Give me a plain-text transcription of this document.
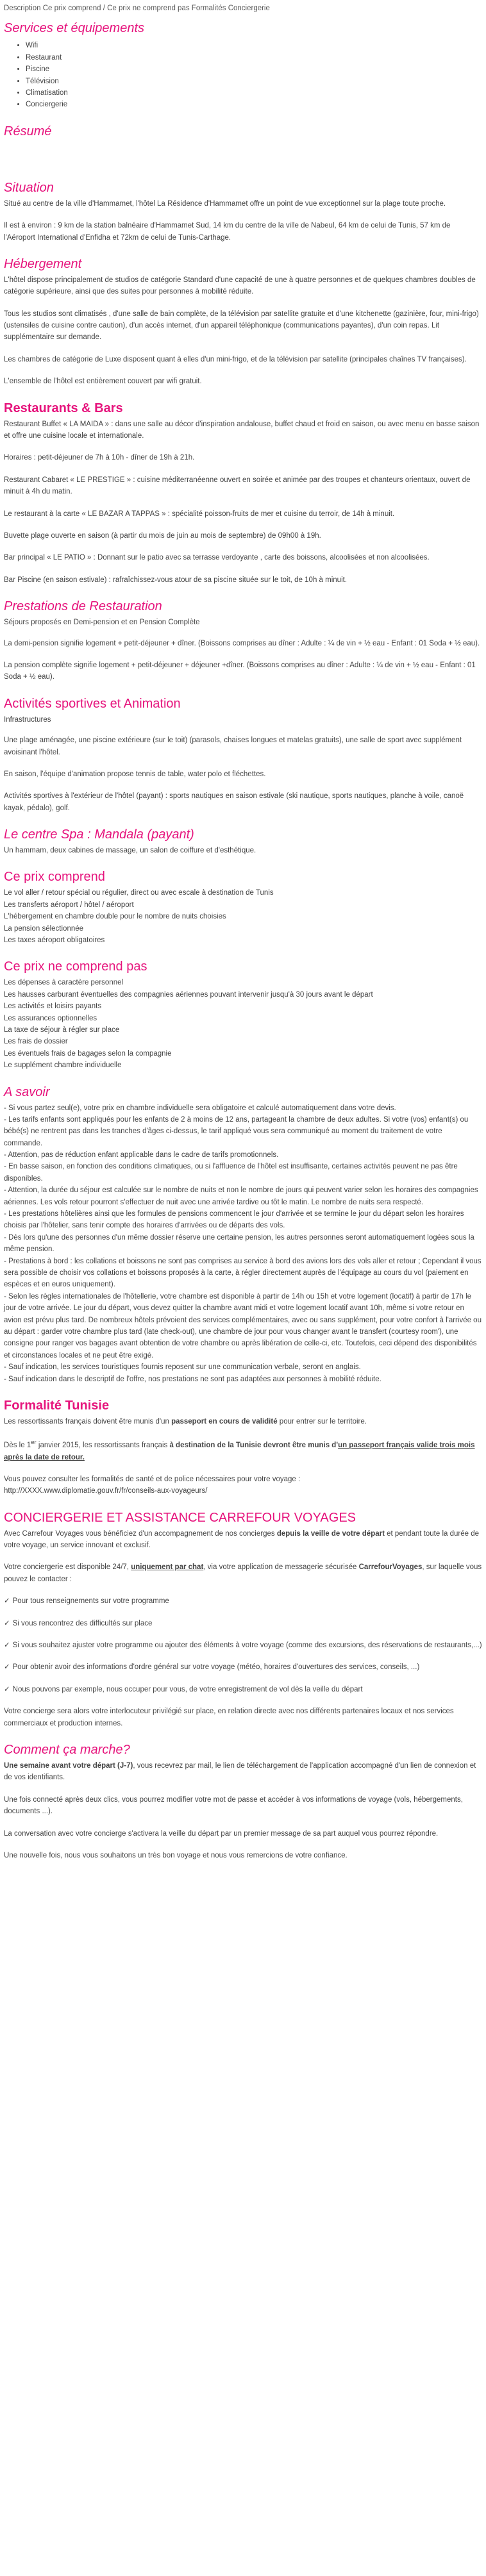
Description Ce prix comprend / Ce prix ne comprend pas Formalités Conciergerie
Services et équipements
• Wifi
• Restaurant
• Piscine
• Télévision
• Climatisation
• Conciergerie
Résumé
Situation

Situé au centre de la ville d'Hammamet, l'hôtel La Résidence d'Hammamet offre un point de vue exceptionnel sur la plage toute proche.

Il est à environ : 9 km de la station balnéaire d'Hammamet Sud, 14 km du centre de la ville de Nabeul, 64 km de celui de Tunis, 57 km de l'Aéroport International d'Enfidha et 72km de celui de Tunis-Carthage.

Hébergement

L'hôtel dispose principalement de studios de catégorie Standard d'une capacité de une à quatre personnes et de quelques chambres doubles de catégorie supérieure, ainsi que des suites pour personnes à mobilité réduite.

Tous les studios sont climatisés , d'une salle de bain complète, de la télévision par satellite gratuite et d'une kitchenette (gazinière, four, mini-frigo) (ustensiles de cuisine contre caution), d'un accès internet, d'un appareil téléphonique (communications payantes), d'un coin repas. Lit supplémentaire sur demande.

Les chambres de catégorie de Luxe disposent quant à elles d'un mini-frigo, et de la télévision par satellite (principales chaînes TV françaises).

L'ensemble de l'hôtel est entièrement couvert par wifi gratuit.

Restaurants & Bars

Restaurant Buffet « LA MAIDA » : dans une salle au décor d'inspiration andalouse, buffet chaud et froid en saison, ou avec menu en basse saison et offre une cuisine locale et internationale.

Horaires : petit-déjeuner de 7h à 10h - dîner de 19h à 21h.

Restaurant Cabaret « LE PRESTIGE » : cuisine méditerranéenne ouvert en soirée et animée par des troupes et chanteurs orientaux, ouvert de minuit à 4h du matin.

Le restaurant à la carte « LE BAZAR A TAPPAS » : spécialité poisson-fruits de mer et cuisine du terroir, de 14h à minuit.

Buvette plage ouverte en saison (à partir du mois de juin au mois de septembre) de 09h00 à 19h.

Bar principal « LE PATIO » : Donnant sur le patio avec sa terrasse verdoyante , carte des boissons, alcoolisées et non alcoolisées.

Bar Piscine (en saison estivale) : rafraîchissez-vous atour de sa piscine située sur le toit, de 10h à minuit.

Prestations de Restauration
Séjours proposés en Demi-pension et en Pension Complète

La demi-pension signifie logement + petit-déjeuner + dîner. (Boissons comprises au dîner : Adulte : ¼ de vin + ½ eau - Enfant : 01 Soda + ½ eau).

La pension complète signifie logement + petit-déjeuner + déjeuner +dîner. (Boissons comprises au dîner : Adulte : ¼ de vin + ½ eau - Enfant : 01 Soda + ½ eau).

Activités sportives et Animation
Infrastructures

Une plage aménagée, une piscine extérieure (sur le toit) (parasols, chaises longues et matelas gratuits), une salle de sport avec supplément avoisinant l'hôtel.

En saison, l'équipe d'animation propose tennis de table, water polo et fléchettes.

Activités sportives à l'extérieur de l'hôtel (payant) : sports nautiques en saison estivale (ski nautique, sports nautiques, planche à voile, canoë kayak, pédalo), golf.

Le centre Spa : Mandala (payant)

Un hammam, deux cabines de massage, un salon de coiffure et d'esthétique.

Ce prix comprend
Le vol aller / retour spécial ou régulier, direct ou avec escale à destination de Tunis
Les transferts aéroport / hôtel / aéroport
L'hébergement en chambre double pour le nombre de nuits choisies
La pension sélectionnée
Les taxes aéroport obligatoires
Ce prix ne comprend pas
Les dépenses à caractère personnel
Les hausses carburant éventuelles des compagnies aériennes pouvant intervenir jusqu'à 30 jours avant le départ
Les activités et loisirs payants
Les assurances optionnelles
La taxe de séjour à régler sur place
Les frais de dossier
Les éventuels frais de bagages selon la compagnie
Le supplément chambre individuelle
A savoir
- Si vous partez seul(e), votre prix en chambre individuelle sera obligatoire et calculé automatiquement dans votre devis.
- Les tarifs enfants sont appliqués pour les enfants de 2 à moins de 12 ans, partageant la chambre de deux adultes. Si votre (vos) enfant(s) ou bébé(s) ne rentrent pas dans les tranches d'âges ci-dessus, le tarif appliqué vous sera communiqué au moment du traitement de votre commande.
- Attention, pas de réduction enfant applicable dans le cadre de tarifs promotionnels.
- En basse saison, en fonction des conditions climatiques, ou si l'affluence de l'hôtel est insuffisante, certaines activités peuvent ne pas être disponibles.
- Attention, la durée du séjour est calculée sur le nombre de nuits et non le nombre de jours qui peuvent varier selon les horaires des compagnies aériennes. Les vols retour pourront s'effectuer de nuit avec une arrivée tardive ou tôt le matin. Le nombre de nuits sera respecté.
- Les prestations hôtelières ainsi que les formules de pensions commencent le jour d'arrivée et se termine le jour du départ selon les horaires choisis par l'hôtelier, sans tenir compte des horaires d'arrivées ou de départs des vols.
- Dès lors qu'une des personnes d'un même dossier réserve une certaine pension, les autres personnes seront automatiquement logées sous la même pension.
- Prestations à bord : les collations et boissons ne sont pas comprises au service à bord des avions lors des vols aller et retour ; Cependant il vous sera possible de choisir vos collations et boissons proposés à la carte, à régler directement auprès de l'équipage au cours du vol (paiement en espèces et en euros uniquement).
- Selon les règles internationales de l'hôtellerie, votre chambre est disponible à partir de 14h ou 15h et votre logement (locatif) à partir de 17h le jour de votre arrivée. Le jour du départ, vous devez quitter la chambre avant midi et votre logement locatif avant 10h, même si votre retour en avion est prévu plus tard. De nombreux hôtels prévoient des services complémentaires, avec ou sans supplément, pour votre confort à l'arrivée ou au départ : garder votre chambre plus tard (late check-out), une chambre de jour pour vous changer avant le transfert (courtesy room'), une consigne pour ranger vos bagages avant obtention de votre chambre ou après libération de celle-ci, etc. Toutefois, ceci dépend des disponibilités et circonstances locales et ne peut être exigé.
- Sauf indication, les services touristiques fournis reposent sur une communication verbale, seront en anglais.
- Sauf indication dans le descriptif de l'offre, nos prestations ne sont pas adaptées aux personnes à mobilité réduite.
Formalité Tunisie

Les ressortissants français doivent être munis d'un passeport en cours de validité pour entrer sur le territoire.

Dès le 1er janvier 2015, les ressortissants français à destination de la Tunisie devront être munis d'un passeport français valide trois mois après la date de retour.

Vous pouvez consulter les formalités de santé et de police nécessaires pour votre voyage :
http://XXXX.www.diplomatie.gouv.fr/fr/conseils-aux-voyageurs/

CONCIERGERIE ET ASSISTANCE CARREFOUR VOYAGES

Avec Carrefour Voyages vous bénéficiez d'un accompagnement de nos concierges depuis la veille de votre départ et pendant toute la durée de votre voyage, un service innovant et exclusif.

Votre conciergerie est disponible 24/7, uniquement par chat, via votre application de messagerie sécurisée CarrefourVoyages, sur laquelle vous pouvez le contacter :

✓ Pour tous renseignements sur votre programme
✓ Si vous rencontrez des difficultés sur place
✓ Si vous souhaitez ajuster votre programme ou ajouter des éléments à votre voyage (comme des excursions, des réservations de restaurants,...)
✓ Pour obtenir avoir des informations d'ordre général sur votre voyage (météo, horaires d'ouvertures des services, conseils, ...)
✓ Nous pouvons par exemple, nous occuper pour vous, de votre enregistrement de vol dès la veille du départ

Votre concierge sera alors votre interlocuteur privilégié sur place, en relation directe avec nos différents partenaires locaux et nos services commerciaux et production internes.

Comment ça marche?

Une semaine avant votre départ (J-7), vous recevrez par mail, le lien de téléchargement de l'application accompagné d'un lien de connexion et de vos identifiants.

Une fois connecté après deux clics, vous pourrez modifier votre mot de passe et accéder à vos informations de voyage (vols, hébergements, documents ...).

La conversation avec votre concierge s'activera la veille du départ par un premier message de sa part auquel vous pourrez répondre.

Une nouvelle fois, nous vous souhaitons un très bon voyage et nous vous remercions de votre confiance.
